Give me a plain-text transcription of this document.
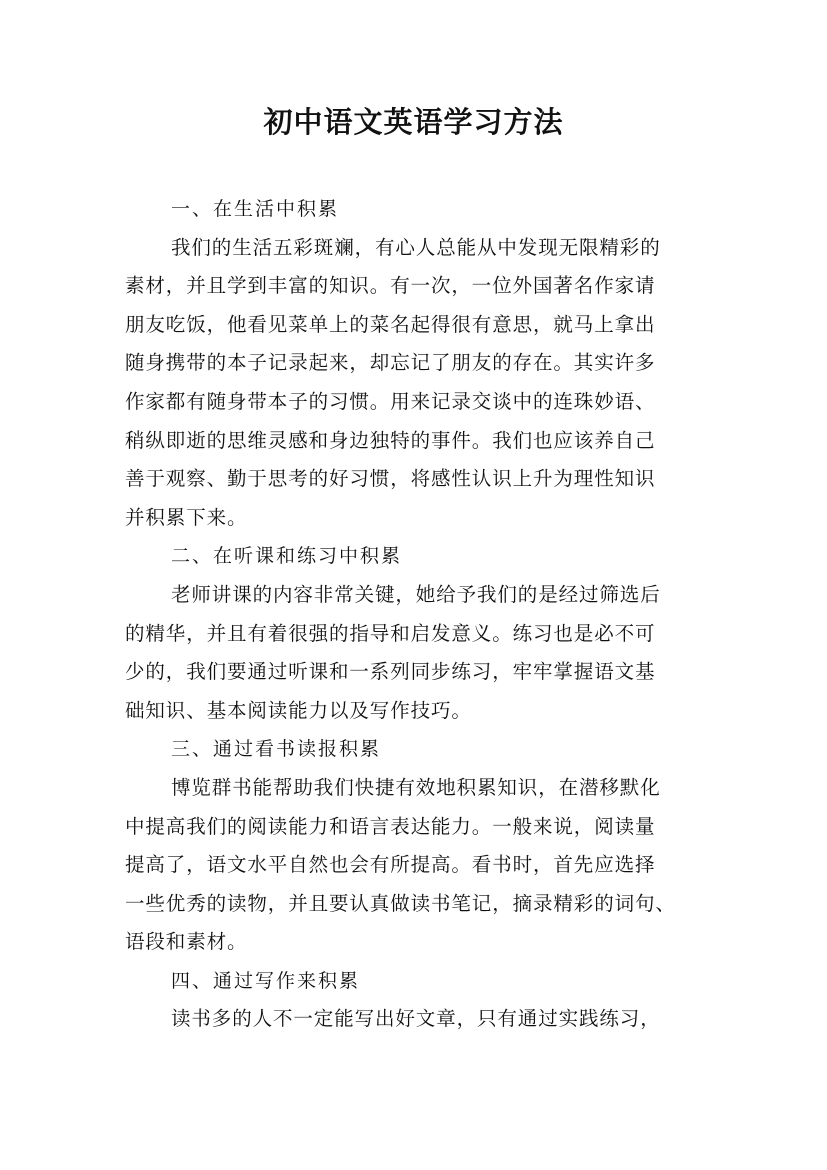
初中语文英语学习方法

一、在生活中积累

我们的生活五彩斑斓，有心人总能从中发现无限精彩的
素材，并且学到丰富的知识。有一次，一位外国著名作家请
朋友吃饭，他看见菜单上的菜名起得很有意思，就马上拿出
随身携带的本子记录起来，却忘记了朋友的存在。其实许多
作家都有随身带本子的习惯。用来记录交谈中的连珠妙语、
稍纵即逝的思维灵感和身边独特的事件。我们也应该养自己
善于观察、勤于思考的好习惯，将感性认识上升为理性知识
并积累下来。

二、在听课和练习中积累

老师讲课的内容非常关键，她给予我们的是经过筛选后
的精华，并且有着很强的指导和启发意义。练习也是必不可
少的，我们要通过听课和一系列同步练习，牢牢掌握语文基
础知识、基本阅读能力以及写作技巧。

三、通过看书读报积累

博览群书能帮助我们快捷有效地积累知识，在潜移默化
中提高我们的阅读能力和语言表达能力。一般来说，阅读量
提高了，语文水平自然也会有所提高。看书时，首先应选择
一些优秀的读物，并且要认真做读书笔记，摘录精彩的词句、
语段和素材。

四、通过写作来积累

读书多的人不一定能写出好文章，只有通过实践练习，
